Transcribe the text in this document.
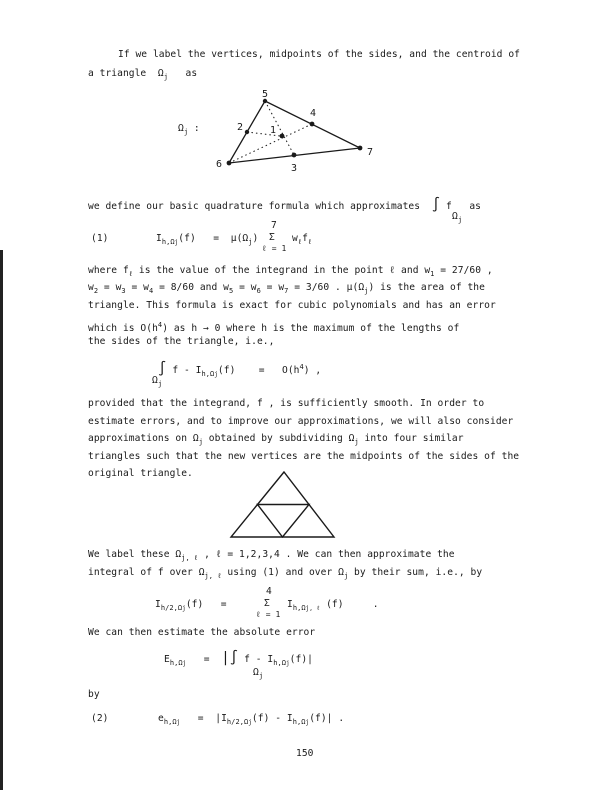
If we label the vertices, midpoints of the sides, and the centroid of
a triangle $\Omega_j$ as
$\Omega_j$ :
5
4
2	1
7
6	3
we define our basic quadrature formula which approximates ∫ f as
$\Omega_j$
(1)	$I_{h,\Omega j}(f) = \mu(\Omega_j)$
7
Σ
ℓ = 1
$w_\ell f_\ell$
where $f_\ell$ is the value of the integrand in the point ℓ and $w_1 = 27/60$ ,
$w_2 = w_3 = w_4 = 8/60$ and $w_5 = w_6 = w_7 = 3/60$ . $\mu(\Omega_j)$ is the area of the
triangle. This formula is exact for cubic polynomials and has an error
which is $O(h^4)$ as h → 0 where h is the maximum of the lengths of
the sides of the triangle, i.e.,
∫ $f - I_{h,\Omega j}(f) = O(h^4)$ ,
$\Omega_j$
provided that the integrand, f , is sufficiently smooth. In order to
estimate errors, and to improve our approximations, we will also consider
approximations on $\Omega_j$ obtained by subdividing $\Omega_j$ into four similar
triangles such that the new vertices are the midpoints of the sides of the
original triangle.
We label these $\Omega_{j, \ell}$ , ℓ = 1,2,3,4 . We can then approximate the
integral of f over $\Omega_{j, \ell}$ using (1) and over $\Omega_j$ by their sum, i.e., by
$I_{h/2,\Omega j}(f)$ =
4
Σ
ℓ = 1
$I_{h,\Omega j, \ell}$ (f)	.
We can then estimate the absolute error
$E_{h,\Omega j}$ = |∫ f - $I_{h,\Omega j}(f)|$
$\Omega_j$
by
(2)	$e_{h,\Omega j} = |I_{h/2,\Omega j}(f) - I_{h,\Omega j}(f)|$ .
150
